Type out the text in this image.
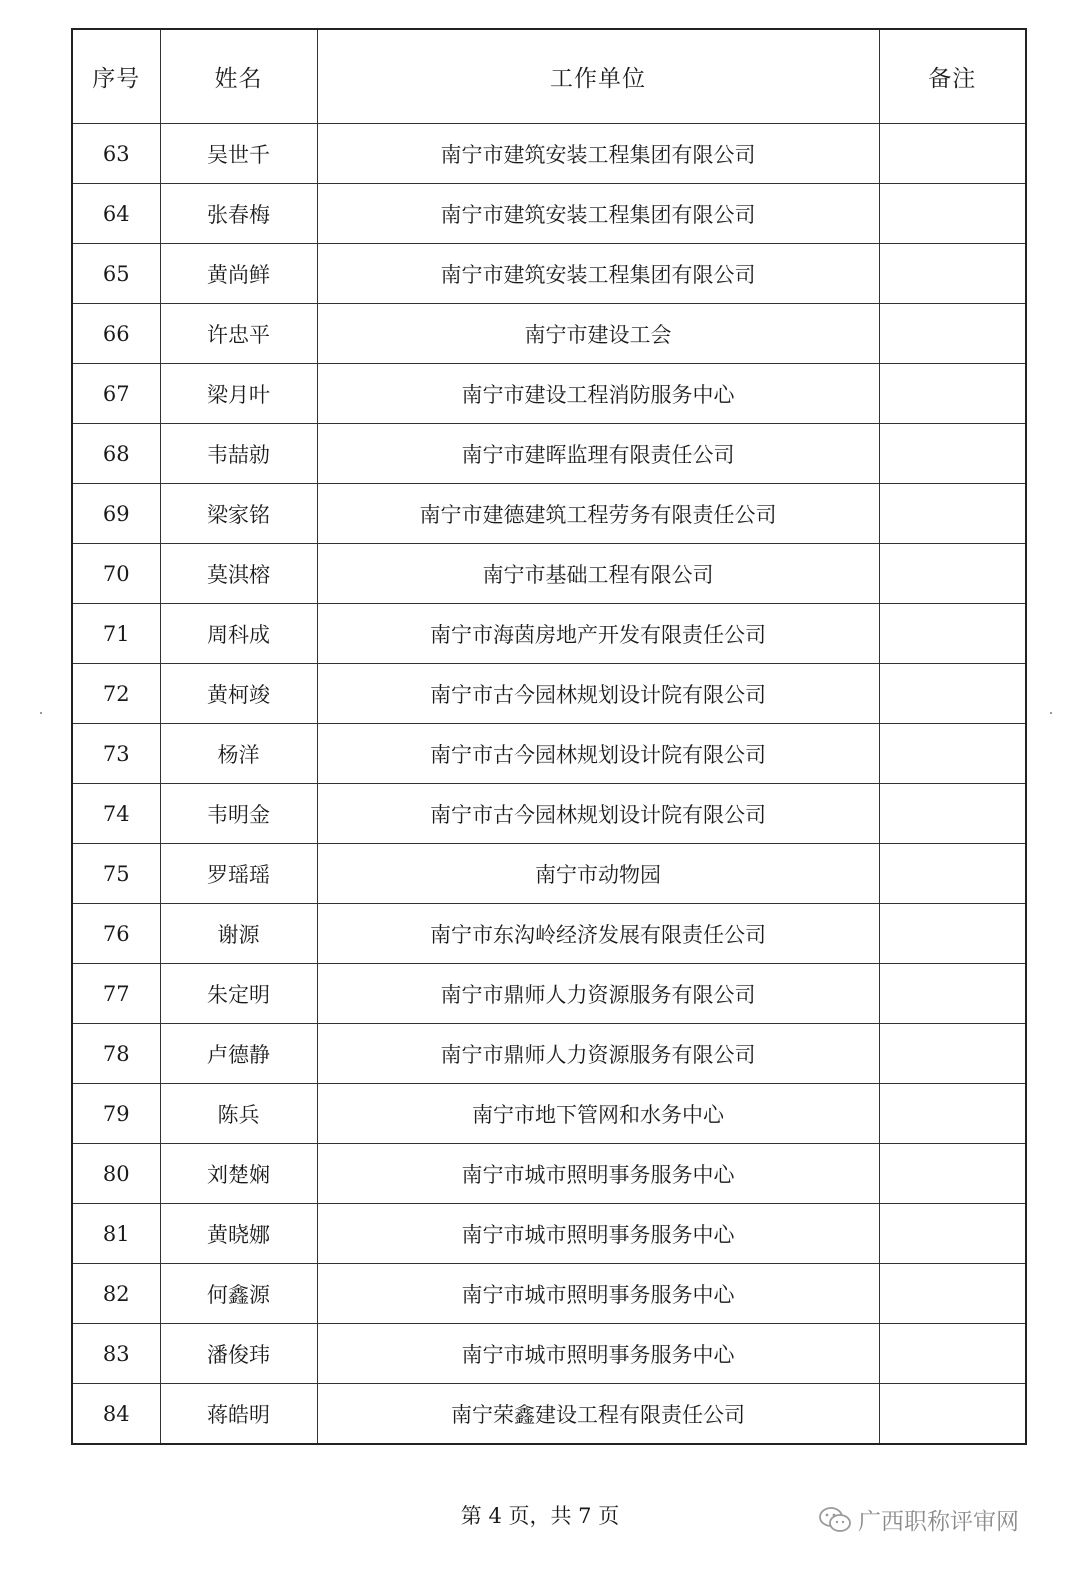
序号	姓名	工作单位	备注
63	吴世千	南宁市建筑安装工程集团有限公司	
64	张春梅	南宁市建筑安装工程集团有限公司	
65	黄尚鲜	南宁市建筑安装工程集团有限公司	
66	许忠平	南宁市建设工会	
67	梁月叶	南宁市建设工程消防服务中心	
68	韦喆勍	南宁市建晖监理有限责任公司	
69	梁家铭	南宁市建德建筑工程劳务有限责任公司	
70	莫淇榕	南宁市基础工程有限公司	
71	周科成	南宁市海茵房地产开发有限责任公司	
72	黄柯竣	南宁市古今园林规划设计院有限公司	
73	杨洋	南宁市古今园林规划设计院有限公司	
74	韦明金	南宁市古今园林规划设计院有限公司	
75	罗瑶瑶	南宁市动物园	
76	谢源	南宁市东沟岭经济发展有限责任公司	
77	朱定明	南宁市鼎师人力资源服务有限公司	
78	卢德静	南宁市鼎师人力资源服务有限公司	
79	陈兵	南宁市地下管网和水务中心	
80	刘楚娴	南宁市城市照明事务服务中心	
81	黄晓娜	南宁市城市照明事务服务中心	
82	何鑫源	南宁市城市照明事务服务中心	
83	潘俊玮	南宁市城市照明事务服务中心	
84	蒋皓明	南宁荣鑫建设工程有限责任公司	
第 4 页，共 7 页	广西职称评审网
